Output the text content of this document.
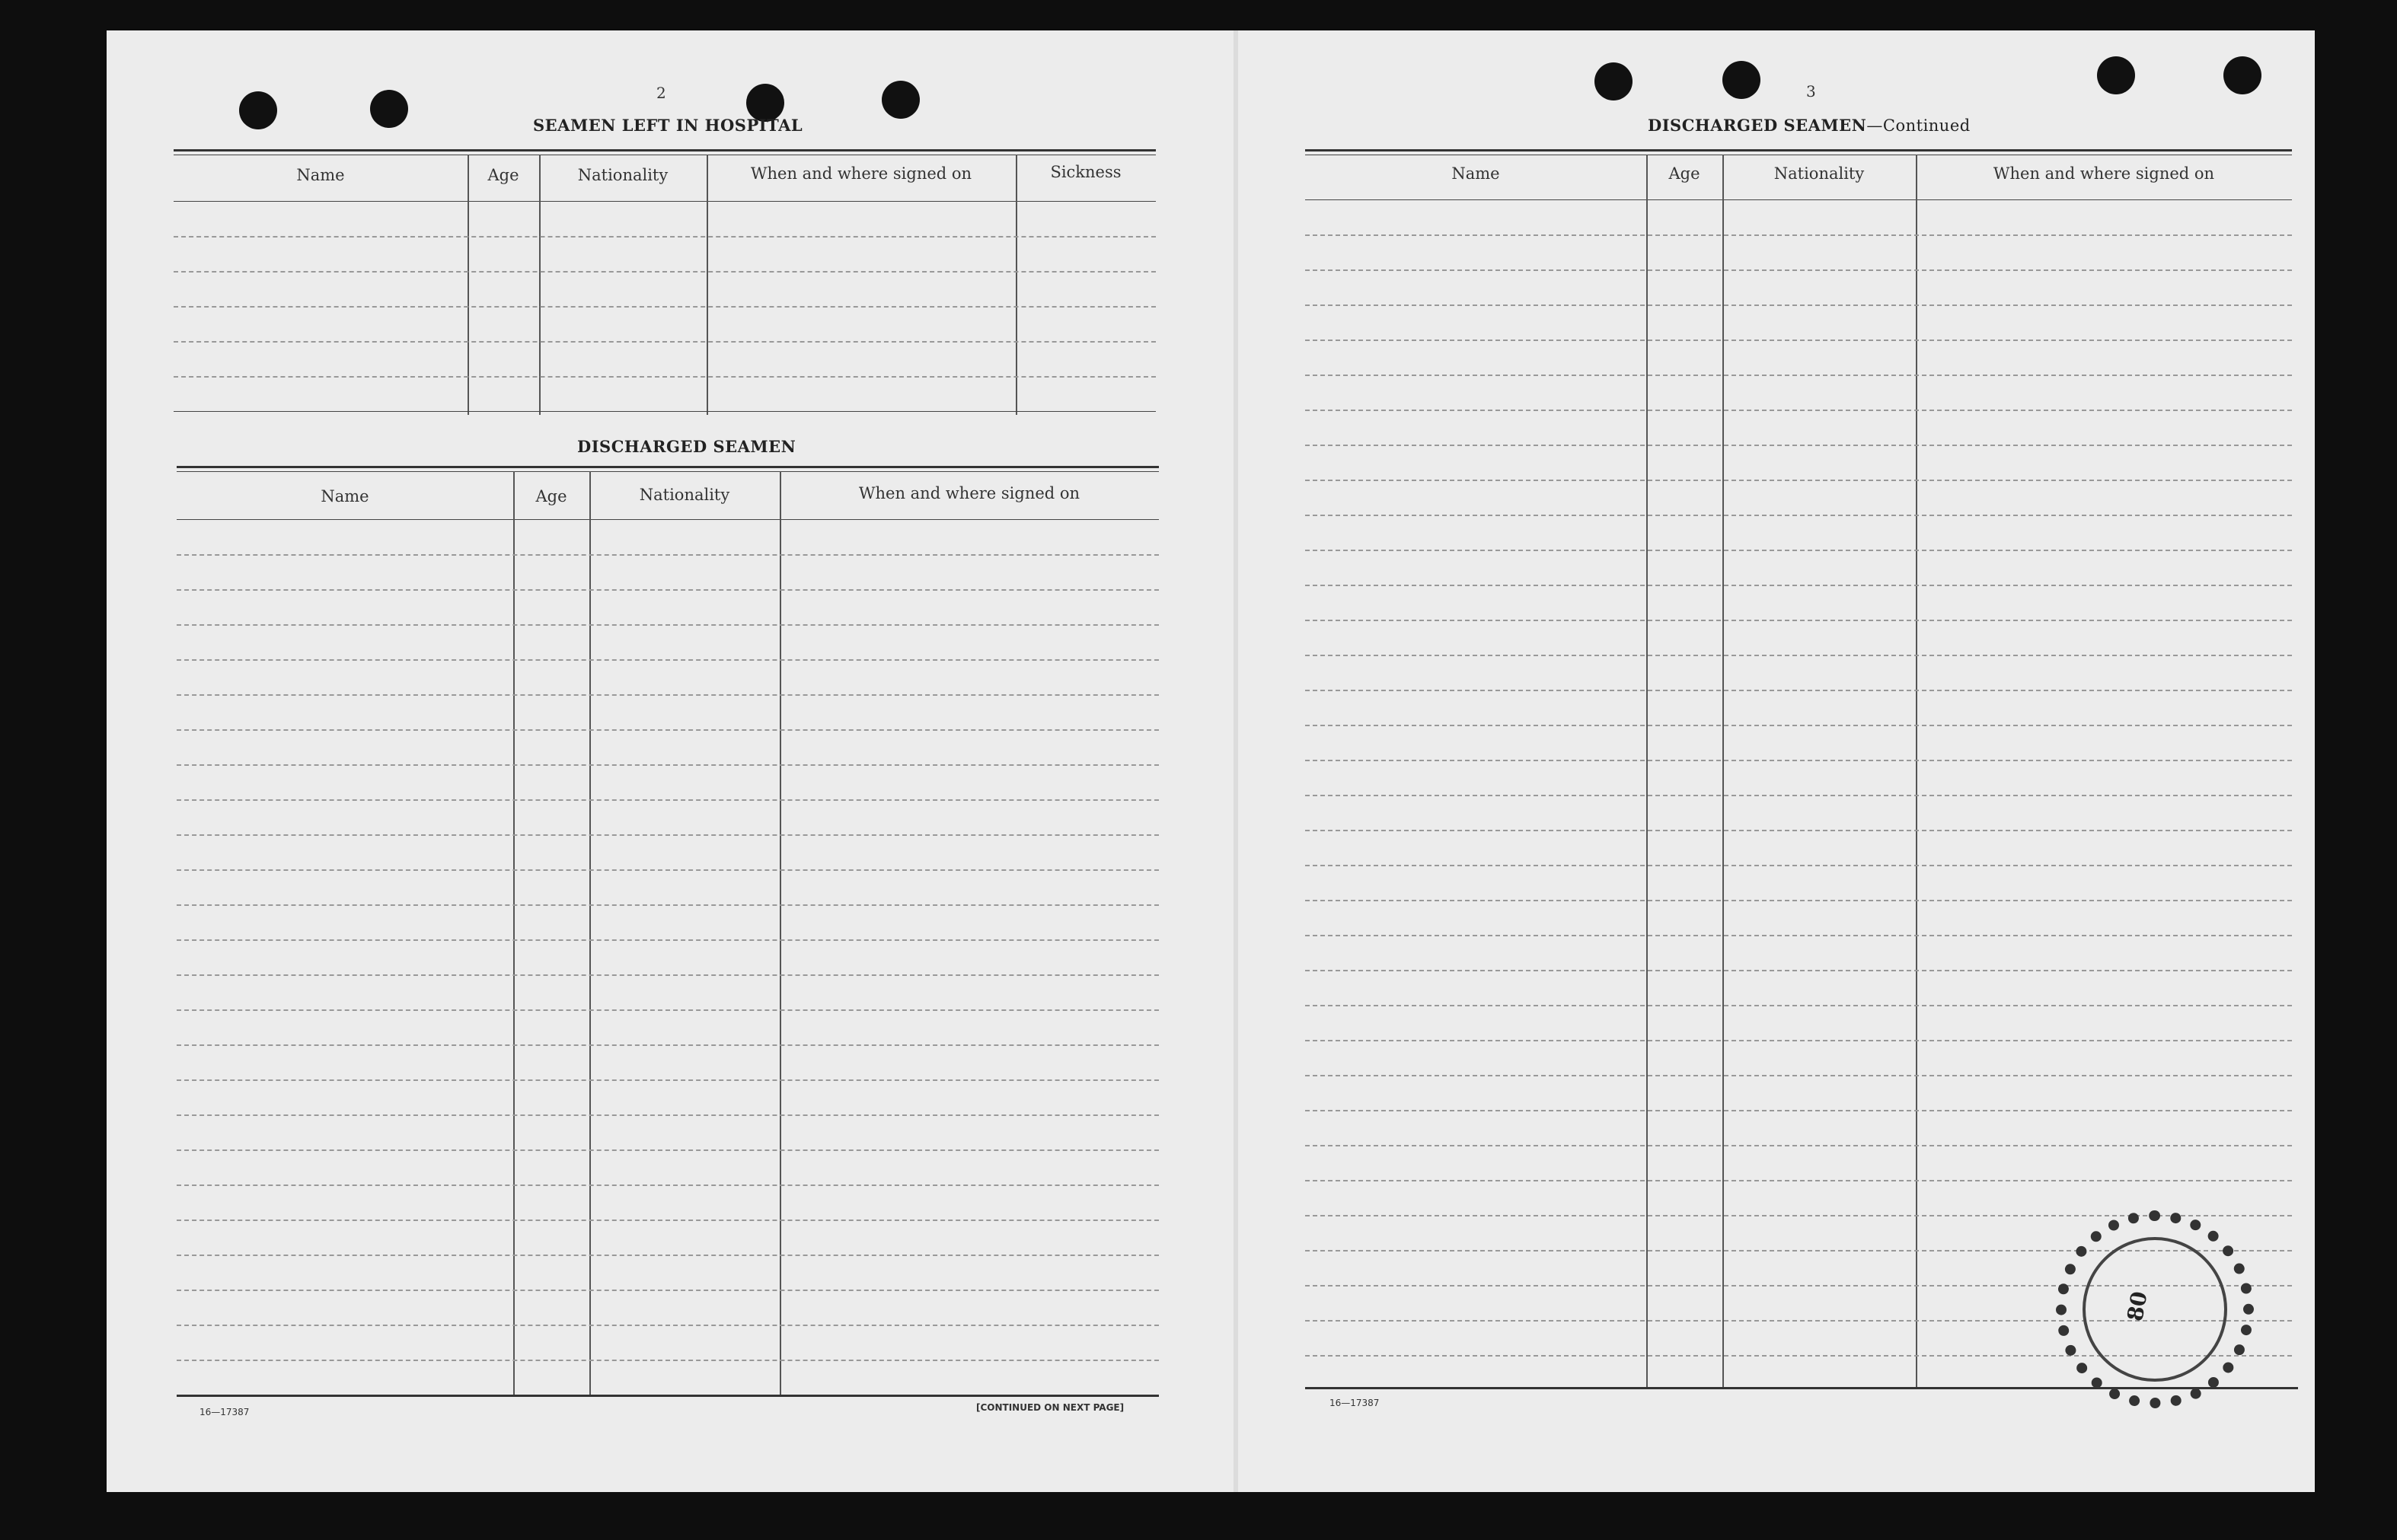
2
SEAMEN LEFT IN HOSPITAL
Name	Age	Nationality	When and where signed on	Sickness
DISCHARGED SEAMEN
Name	Age	Nationality	When and where signed on
16—17387	[CONTINUED ON NEXT PAGE]
3
DISCHARGED SEAMEN—Continued
Name	Age	Nationality	When and where signed on
16—17387
80
